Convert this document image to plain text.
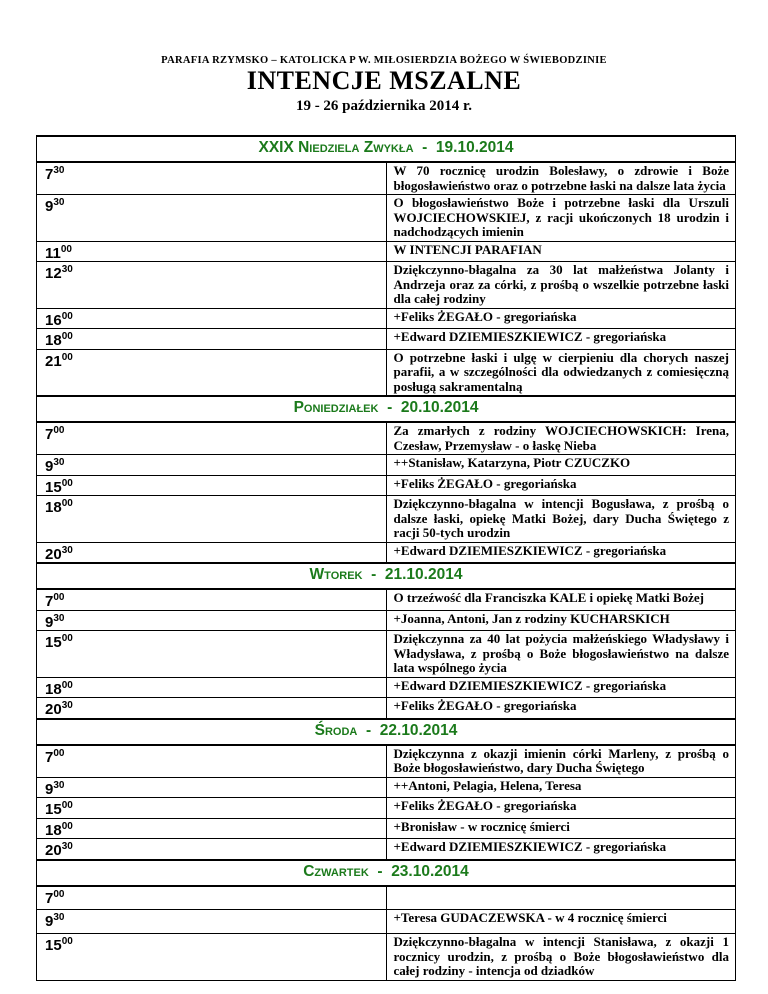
PARAFIA RZYMSKO – KATOLICKA P W. MIŁOSIERDZIA BOŻEGO W ŚWIEBODZINIE
INTENCJE MSZALNE
19 - 26 października 2014 r.
XXIX Niedziela Zwykła  -  19.10.2014	

$7^{30}$	W 70 rocznicę urodzin Bolesławy, o zdrowie i Boże błogosławieństwo oraz o potrzebne łaski na dalsze lata życia

$9^{30}$	O błogosławieństwo Boże i potrzebne łaski dla Urszuli WOJCIECHOWSKIEJ, z racji ukończonych 18 urodzin i nadchodzących imienin

$11^{00}$	W INTENCJI PARAFIAN

$12^{30}$	Dziękczynno-błagalna za 30 lat małżeństwa Jolanty i Andrzeja oraz za córki, z prośbą o wszelkie potrzebne łaski dla całej rodziny

$16^{00}$	+Feliks ŻEGAŁO - gregoriańska

$18^{00}$	+Edward DZIEMIESZKIEWICZ - gregoriańska

$21^{00}$	O potrzebne łaski i ulgę w cierpieniu dla chorych naszej parafii, a w szczególności dla odwiedzanych z comiesięczną posługą sakramentalną
Poniedziałek  -  20.10.2014	

$7^{00}$	Za zmarłych z rodziny WOJCIECHOWSKICH: Irena, Czesław, Przemysław - o łaskę Nieba

$9^{30}$	++Stanisław, Katarzyna, Piotr CZUCZKO

$15^{00}$	+Feliks ŻEGAŁO - gregoriańska

$18^{00}$	Dziękczynno-błagalna w intencji Bogusława, z prośbą o dalsze łaski, opiekę Matki Bożej, dary Ducha Świętego z racji 50-tych urodzin

$20^{30}$	+Edward DZIEMIESZKIEWICZ - gregoriańska
Wtorek  -  21.10.2014	

$7^{00}$	O trzeźwość dla Franciszka KALE i opiekę Matki Bożej

$9^{30}$	+Joanna, Antoni, Jan z rodziny KUCHARSKICH

$15^{00}$	Dziękczynna za 40 lat pożycia małżeńskiego Władysławy i Władysława, z prośbą o Boże błogosławieństwo na dalsze lata wspólnego życia

$18^{00}$	+Edward DZIEMIESZKIEWICZ - gregoriańska

$20^{30}$	+Feliks ŻEGAŁO - gregoriańska
Środa  -  22.10.2014	

$7^{00}$	Dziękczynna z okazji imienin córki Marleny, z prośbą o Boże błogosławieństwo, dary Ducha Świętego

$9^{30}$	++Antoni, Pelagia, Helena, Teresa

$15^{00}$	+Feliks ŻEGAŁO - gregoriańska

$18^{00}$	+Bronisław - w rocznicę śmierci

$20^{30}$	+Edward DZIEMIESZKIEWICZ - gregoriańska
Czwartek  -  23.10.2014	

$7^{00}$

$9^{30}$	+Teresa GUDACZEWSKA - w 4 rocznicę śmierci

$15^{00}$	Dziękczynno-błagalna w intencji Stanisława, z okazji 1 rocznicy urodzin, z prośbą o Boże błogosławieństwo dla całej rodziny - intencja od dziadków
